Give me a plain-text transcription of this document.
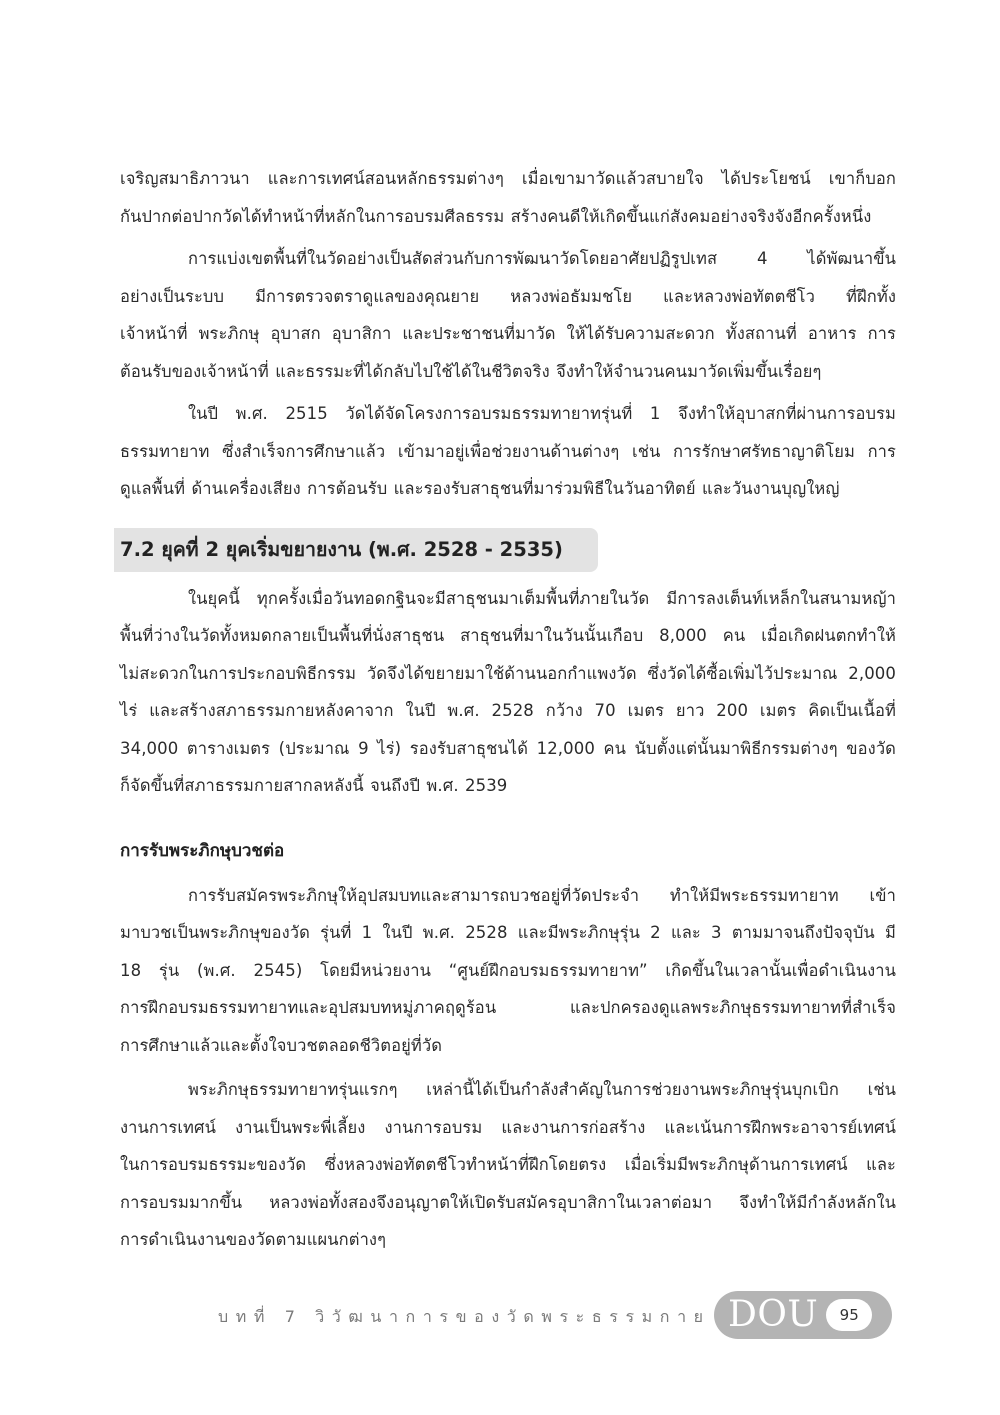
เจริญสมาธิภาวนา และการเทศน์สอนหลักธรรมต่างๆ เมื่อเขามาวัดแล้วสบายใจ ได้ประโยชน์ เขาก็บอก

กันปากต่อปากวัดได้ทำหน้าที่หลักในการอบรมศีลธรรม สร้างคนดีให้เกิดขึ้นแก่สังคมอย่างจริงจังอีกครั้งหนึ่ง

การแบ่งเขตพื้นที่ในวัดอย่างเป็นสัดส่วนกับการพัฒนาวัดโดยอาศัยปฏิรูปเทส 4 ได้พัฒนาขึ้น

อย่างเป็นระบบ มีการตรวจตราดูแลของคุณยาย หลวงพ่อธัมมชโย และหลวงพ่อทัตตชีโว ที่ฝึกทั้ง

เจ้าหน้าที่ พระภิกษุ อุบาสก อุบาสิกา และประชาชนที่มาวัด ให้ได้รับความสะดวก ทั้งสถานที่ อาหาร การ

ต้อนรับของเจ้าหน้าที่ และธรรมะที่ได้กลับไปใช้ได้ในชีวิตจริง จึงทำให้จำนวนคนมาวัดเพิ่มขึ้นเรื่อยๆ

ในปี พ.ศ. 2515 วัดได้จัดโครงการอบรมธรรมทายาทรุ่นที่ 1 จึงทำให้อุบาสกที่ผ่านการอบรม

ธรรมทายาท ซึ่งสำเร็จการศึกษาแล้ว เข้ามาอยู่เพื่อช่วยงานด้านต่างๆ เช่น การรักษาศรัทธาญาติโยม การ

ดูแลพื้นที่ ด้านเครื่องเสียง การต้อนรับ และรองรับสาธุชนที่มาร่วมพิธีในวันอาทิตย์ และวันงานบุญใหญ่

7.2 ยุคที่ 2 ยุคเริ่มขยายงาน (พ.ศ. 2528 - 2535)

ในยุคนี้ ทุกครั้งเมื่อวันทอดกฐินจะมีสาธุชนมาเต็มพื้นที่ภายในวัด มีการลงเต็นท์เหล็กในสนามหญ้า

พื้นที่ว่างในวัดทั้งหมดกลายเป็นพื้นที่นั่งสาธุชน สาธุชนที่มาในวันนั้นเกือบ 8,000 คน เมื่อเกิดฝนตกทำให้

ไม่สะดวกในการประกอบพิธีกรรม วัดจึงได้ขยายมาใช้ด้านนอกกำแพงวัด ซึ่งวัดได้ซื้อเพิ่มไว้ประมาณ 2,000

ไร่ และสร้างสภาธรรมกายหลังคาจาก ในปี พ.ศ. 2528 กว้าง 70 เมตร ยาว 200 เมตร คิดเป็นเนื้อที่

34,000 ตารางเมตร (ประมาณ 9 ไร่) รองรับสาธุชนได้ 12,000 คน นับตั้งแต่นั้นมาพิธีกรรมต่างๆ ของวัด

ก็จัดขึ้นที่สภาธรรมกายสากลหลังนี้ จนถึงปี พ.ศ. 2539

การรับพระภิกษุบวชต่อ

การรับสมัครพระภิกษุให้อุปสมบทและสามารถบวชอยู่ที่วัดประจำ ทำให้มีพระธรรมทายาท เข้า

มาบวชเป็นพระภิกษุของวัด รุ่นที่ 1 ในปี พ.ศ. 2528 และมีพระภิกษุรุ่น 2 และ 3 ตามมาจนถึงปัจจุบัน มี

18 รุ่น (พ.ศ. 2545) โดยมีหน่วยงาน “ศูนย์ฝึกอบรมธรรมทายาท” เกิดขึ้นในเวลานั้นเพื่อดำเนินงาน

การฝึกอบรมธรรมทายาทและอุปสมบทหมู่ภาคฤดูร้อน และปกครองดูแลพระภิกษุธรรมทายาทที่สำเร็จ

การศึกษาแล้วและตั้งใจบวชตลอดชีวิตอยู่ที่วัด

พระภิกษุธรรมทายาทรุ่นแรกๆ เหล่านี้ได้เป็นกำลังสำคัญในการช่วยงานพระภิกษุรุ่นบุกเบิก เช่น

งานการเทศน์ งานเป็นพระพี่เลี้ยง งานการอบรม และงานการก่อสร้าง และเน้นการฝึกพระอาจารย์เทศน์

ในการอบรมธรรมะของวัด ซึ่งหลวงพ่อทัตตชีโวทำหน้าที่ฝึกโดยตรง เมื่อเริ่มมีพระภิกษุด้านการเทศน์ และ

การอบรมมากขึ้น หลวงพ่อทั้งสองจึงอนุญาตให้เปิดรับสมัครอุบาสิกาในเวลาต่อมา จึงทำให้มีกำลังหลักใน

การดำเนินงานของวัดตามแผนกต่างๆ

บทที่ 7 วิวัฒนาการของวัดพระธรรมกาย DOU	95
